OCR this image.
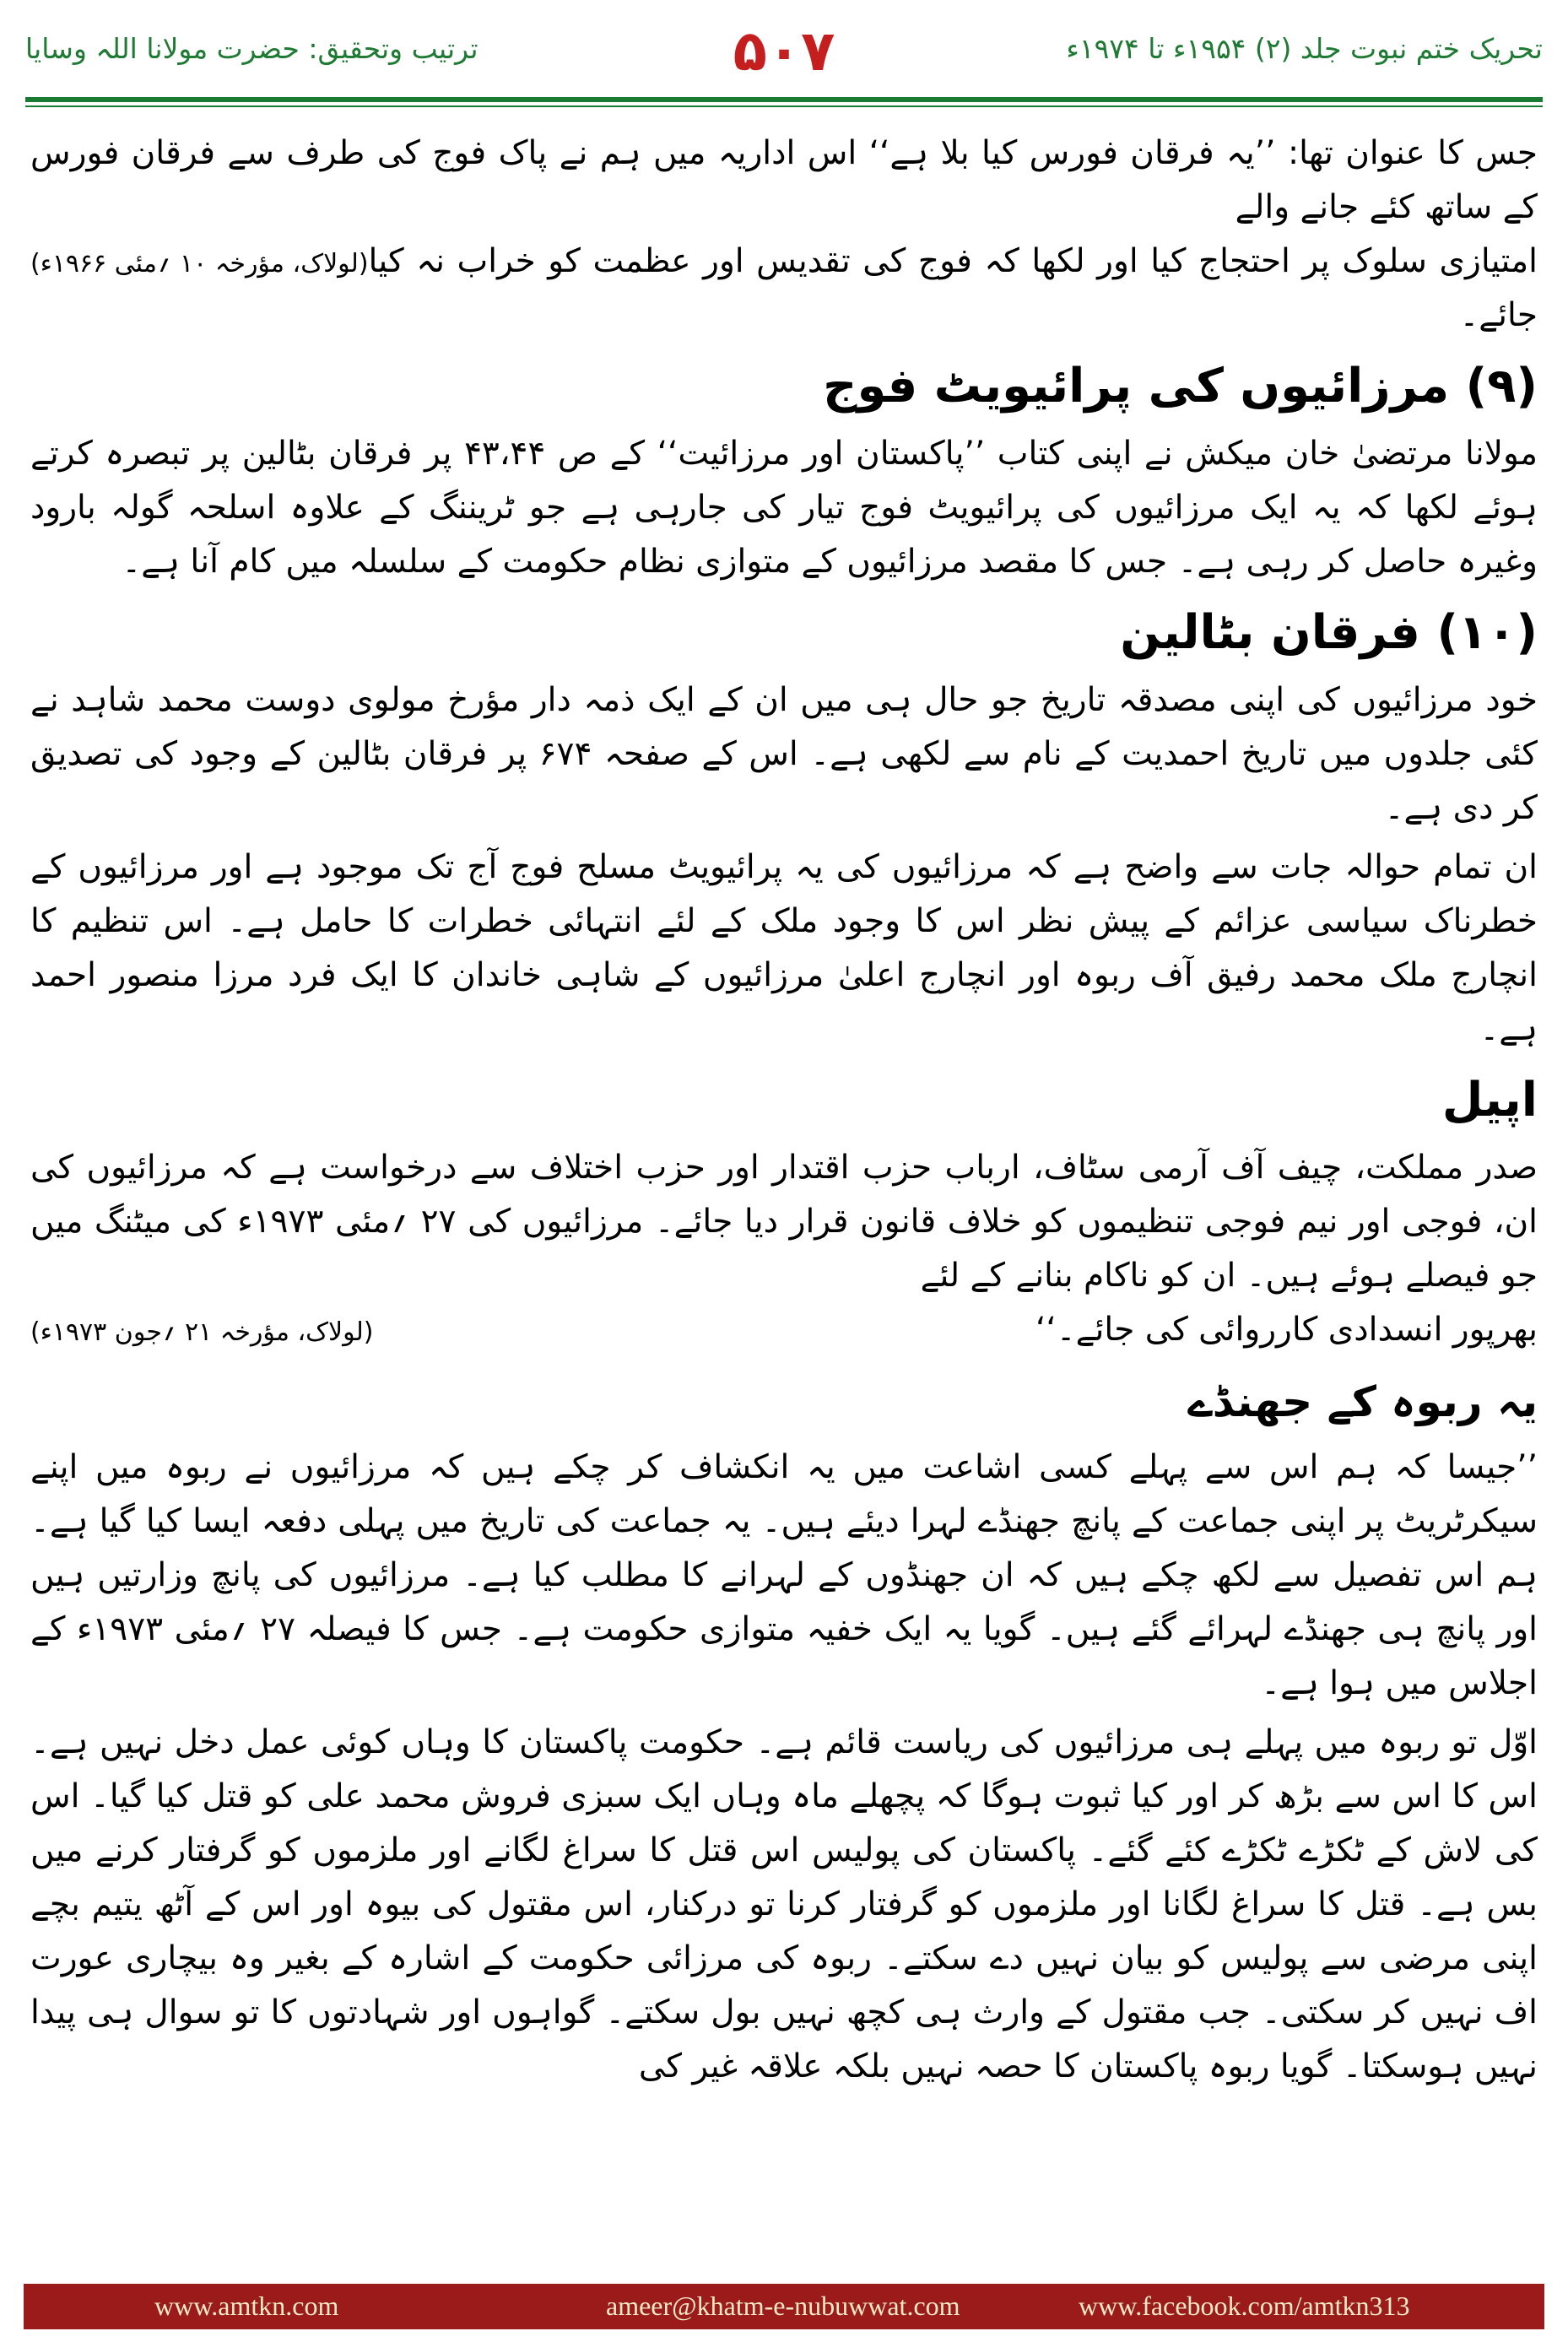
ترتیب وتحقیق: حضرت مولانا اللہ وسایا	۵۰۷	تحریک ختم نبوت جلد (۲) ۱۹۵۴ء تا ۱۹۷۴ء
جس کا عنوان تھا: ’’یہ فرقان فورس کیا بلا ہے‘‘ اس اداریہ میں ہم نے پاک فوج کی طرف سے فرقان فورس کے ساتھ کئے جانے والے
امتیازی سلوک پر احتجاج کیا اور لکھا کہ فوج کی تقدیس اور عظمت کو خراب نہ کیا جائے۔
(لولاک، مؤرخہ ۱۰ ؍مئی ۱۹۶۶ء)
(۹) مرزائیوں کی پرائیویٹ فوج

مولانا مرتضیٰ خان میکش نے اپنی کتاب ’’پاکستان اور مرزائیت‘‘ کے ص ۴۳،۴۴ پر فرقان بٹالین پر تبصرہ کرتے ہوئے لکھا کہ یہ ایک مرزائیوں کی پرائیویٹ فوج تیار کی جارہی ہے جو ٹریننگ کے علاوہ اسلحہ گولہ بارود وغیرہ حاصل کر رہی ہے۔ جس کا مقصد مرزائیوں کے متوازی نظام حکومت کے سلسلہ میں کام آنا ہے۔

(۱۰) فرقان بٹالین

خود مرزائیوں کی اپنی مصدقہ تاریخ جو حال ہی میں ان کے ایک ذمہ دار مؤرخ مولوی دوست محمد شاہد نے کئی جلدوں میں تاریخ احمدیت کے نام سے لکھی ہے۔ اس کے صفحہ ۶۷۴ پر فرقان بٹالین کے وجود کی تصدیق کر دی ہے۔

ان تمام حوالہ جات سے واضح ہے کہ مرزائیوں کی یہ پرائیویٹ مسلح فوج آج تک موجود ہے اور مرزائیوں کے خطرناک سیاسی عزائم کے پیش نظر اس کا وجود ملک کے لئے انتہائی خطرات کا حامل ہے۔ اس تنظیم کا انچارج ملک محمد رفیق آف ربوہ اور انچارج اعلیٰ مرزائیوں کے شاہی خاندان کا ایک فرد مرزا منصور احمد ہے۔

اپیل
صدر مملکت، چیف آف آرمی سٹاف، ارباب حزب اقتدار اور حزب اختلاف سے درخواست ہے کہ مرزائیوں کی ان، فوجی اور نیم فوجی تنظیموں کو خلاف قانون قرار دیا جائے۔ مرزائیوں کی ۲۷ ؍مئی ۱۹۷۳ء کی میٹنگ میں جو فیصلے ہوئے ہیں۔ ان کو ناکام بنانے کے لئے
بھرپور انسدادی کارروائی کی جائے۔‘‘
(لولاک، مؤرخہ ۲۱ ؍جون ۱۹۷۳ء)
یہ ربوہ کے جھنڈے

’’جیسا کہ ہم اس سے پہلے کسی اشاعت میں یہ انکشاف کر چکے ہیں کہ مرزائیوں نے ربوہ میں اپنے سیکرٹریٹ پر اپنی جماعت کے پانچ جھنڈے لہرا دیئے ہیں۔ یہ جماعت کی تاریخ میں پہلی دفعہ ایسا کیا گیا ہے۔ ہم اس تفصیل سے لکھ چکے ہیں کہ ان جھنڈوں کے لہرانے کا مطلب کیا ہے۔ مرزائیوں کی پانچ وزارتیں ہیں اور پانچ ہی جھنڈے لہرائے گئے ہیں۔ گویا یہ ایک خفیہ متوازی حکومت ہے۔ جس کا فیصلہ ۲۷ ؍مئی ۱۹۷۳ء کے اجلاس میں ہوا ہے۔

اوّل تو ربوہ میں پہلے ہی مرزائیوں کی ریاست قائم ہے۔ حکومت پاکستان کا وہاں کوئی عمل دخل نہیں ہے۔ اس کا اس سے بڑھ کر اور کیا ثبوت ہوگا کہ پچھلے ماہ وہاں ایک سبزی فروش محمد علی کو قتل کیا گیا۔ اس کی لاش کے ٹکڑے ٹکڑے کئے گئے۔ پاکستان کی پولیس اس قتل کا سراغ لگانے اور ملزموں کو گرفتار کرنے میں بس ہے۔ قتل کا سراغ لگانا اور ملزموں کو گرفتار کرنا تو درکنار، اس مقتول کی بیوہ اور اس کے آٹھ یتیم بچے اپنی مرضی سے پولیس کو بیان نہیں دے سکتے۔ ربوہ کی مرزائی حکومت کے اشارہ کے بغیر وہ بیچاری عورت اف نہیں کر سکتی۔ جب مقتول کے وارث ہی کچھ نہیں بول سکتے۔ گواہوں اور شہادتوں کا تو سوال ہی پیدا نہیں ہوسکتا۔ گویا ربوہ پاکستان کا حصہ نہیں بلکہ علاقہ غیر کی

www.amtkn.com	ameer@khatm-e-nubuwwat.com	www.facebook.com/amtkn313
